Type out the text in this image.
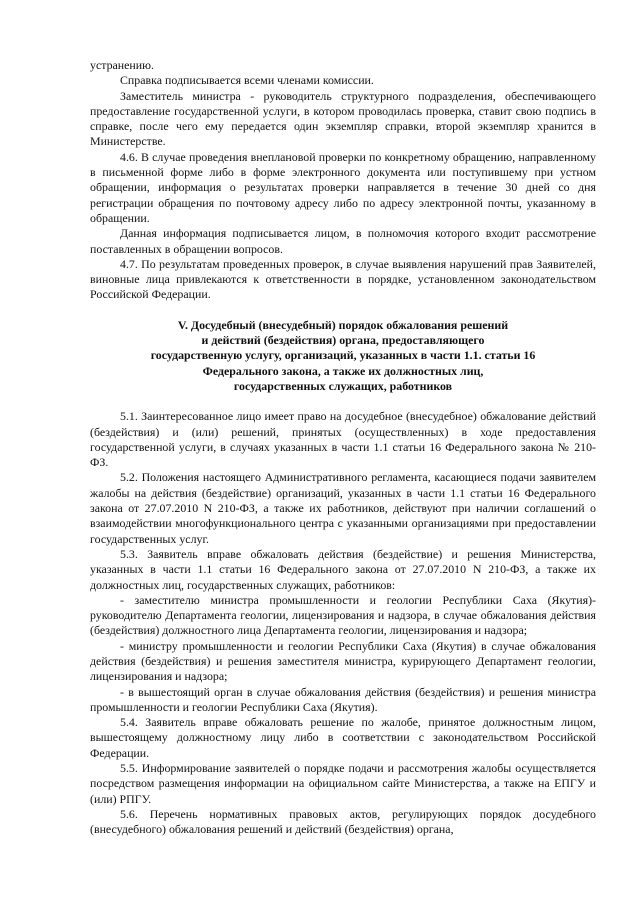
устранению.

Справка подписывается всеми членами комиссии.

Заместитель министра - руководитель структурного подразделения, обеспечивающего предоставление государственной услуги, в котором проводилась проверка, ставит свою подпись в справке, после чего ему передается один экземпляр справки, второй экземпляр хранится в Министерстве.

4.6. В случае проведения внеплановой проверки по конкретному обращению, направленному в письменной форме либо в форме электронного документа или поступившему при устном обращении, информация о результатах проверки направляется в течение 30 дней со дня регистрации обращения по почтовому адресу либо по адресу электронной почты, указанному в обращении.

Данная информация подписывается лицом, в полномочия которого входит рассмотрение поставленных в обращении вопросов.

4.7. По результатам проведенных проверок, в случае выявления нарушений прав Заявителей, виновные лица привлекаются к ответственности в порядке, установленном законодательством Российской Федерации.

V. Досудебный (внесудебный) порядок обжалования решений
и действий (бездействия) органа, предоставляющего
государственную услугу, организаций, указанных в части 1.1. статьи 16
Федерального закона, а также их должностных лиц,
государственных служащих, работников

5.1. Заинтересованное лицо имеет право на досудебное (внесудебное) обжалование действий (бездействия) и (или) решений, принятых (осуществленных) в ходе предоставления государственной услуги, в случаях указанных в части 1.1 статьи 16 Федерального закона № 210-ФЗ.

5.2. Положения настоящего Административного регламента, касающиеся подачи заявителем жалобы на действия (бездействие) организаций, указанных в части 1.1 статьи 16 Федерального закона от 27.07.2010 N 210-ФЗ, а также их работников, действуют при наличии соглашений о взаимодействии многофункционального центра с указанными организациями при предоставлении государственных услуг.

5.3. Заявитель вправе обжаловать действия (бездействие) и решения Министерства, указанных в части 1.1 статьи 16 Федерального закона от 27.07.2010 N 210-ФЗ, а также их должностных лиц, государственных служащих, работников:

- заместителю министра промышленности и геологии Республики Саха (Якутия)- руководителю Департамента геологии, лицензирования и надзора, в случае обжалования действия (бездействия) должностного лица Департамента геологии, лицензирования и надзора;

- министру промышленности и геологии Республики Саха (Якутия) в случае обжалования действия (бездействия) и решения заместителя министра, курирующего Департамент геологии, лицензирования и надзора;

- в вышестоящий орган в случае обжалования действия (бездействия) и решения министра промышленности и геологии Республики Саха (Якутия).

5.4. Заявитель вправе обжаловать решение по жалобе, принятое должностным лицом, вышестоящему должностному лицу либо в соответствии с законодательством Российской Федерации.

5.5. Информирование заявителей о порядке подачи и рассмотрения жалобы осуществляется посредством размещения информации на официальном сайте Министерства, а также на ЕПГУ и (или) РПГУ.

5.6. Перечень нормативных правовых актов, регулирующих порядок досудебного (внесудебного) обжалования решений и действий (бездействия) органа,
